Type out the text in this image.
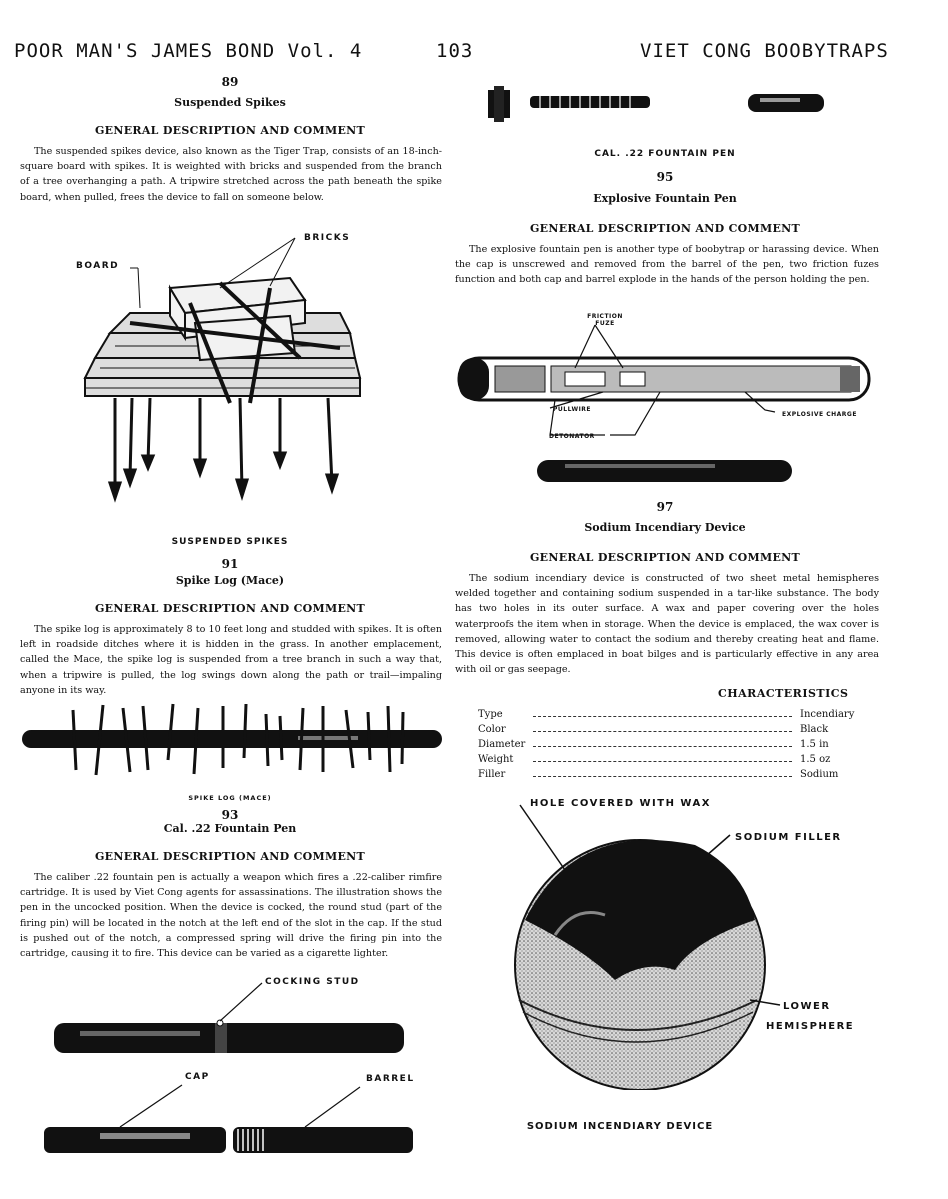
POOR MAN'S JAMES BOND Vol. 4	103	VIET CONG BOOBYTRAPS
89
Suspended Spikes
GENERAL DESCRIPTION AND COMMENT
The suspended spikes device, also known as the Tiger Trap, consists of an 18-inch-square board with spikes. It is weighted with bricks and suspended from the branch of a tree overhanging a path. A tripwire stretched across the path beneath the spike board, when pulled, frees the device to fall on someone below.
BOARD
BRICKS
SUSPENDED SPIKES
91
Spike Log (Mace)
GENERAL DESCRIPTION AND COMMENT
The spike log is approximately 8 to 10 feet long and studded with spikes. It is often left in roadside ditches where it is hidden in the grass. In another emplacement, called the Mace, the spike log is suspended from a tree branch in such a way that, when a tripwire is pulled, the log swings down along the path or trail—impaling anyone in its way.
SPIKE LOG (MACE)
93
Cal. .22 Fountain Pen
GENERAL DESCRIPTION AND COMMENT
The caliber .22 fountain pen is actually a weapon which fires a .22-caliber rimfire cartridge. It is used by Viet Cong agents for assassinations. The illustration shows the pen in the uncocked position. When the device is cocked, the round stud (part of the firing pin) will be located in the notch at the left end of the slot in the cap. If the stud is pushed out of the notch, a compressed spring will drive the firing pin into the cartridge, causing it to fire. This device can be varied as a cigarette lighter.
COCKING STUD
CAP	BARREL
CAL. .22 FOUNTAIN PEN
95
Explosive Fountain Pen
GENERAL DESCRIPTION AND COMMENT
The explosive fountain pen is another type of boobytrap or harassing device. When the cap is unscrewed and removed from the barrel of the pen, two friction fuzes function and both cap and barrel explode in the hands of the person holding the pen.
FRICTION FUZE
PULLWIRE
DETONATOR
EXPLOSIVE CHARGE
97
Sodium Incendiary Device
GENERAL DESCRIPTION AND COMMENT
The sodium incendiary device is constructed of two sheet metal hemispheres welded together and containing sodium suspended in a tar-like substance. The body has two holes in its outer surface. A wax and paper covering over the holes waterproofs the item when in storage. When the device is emplaced, the wax cover is removed, allowing water to contact the sodium and thereby creating heat and flame. This device is often emplaced in boat bilges and is particularly effective in any area with oil or gas seepage.
CHARACTERISTICS
Type		Incendiary
Color		Black
Diameter		1.5 in
Weight		1.5 oz
Filler		Sodium
HOLE COVERED WITH WAX
SODIUM FILLER
LOWER
HEMISPHERE
SODIUM INCENDIARY DEVICE
